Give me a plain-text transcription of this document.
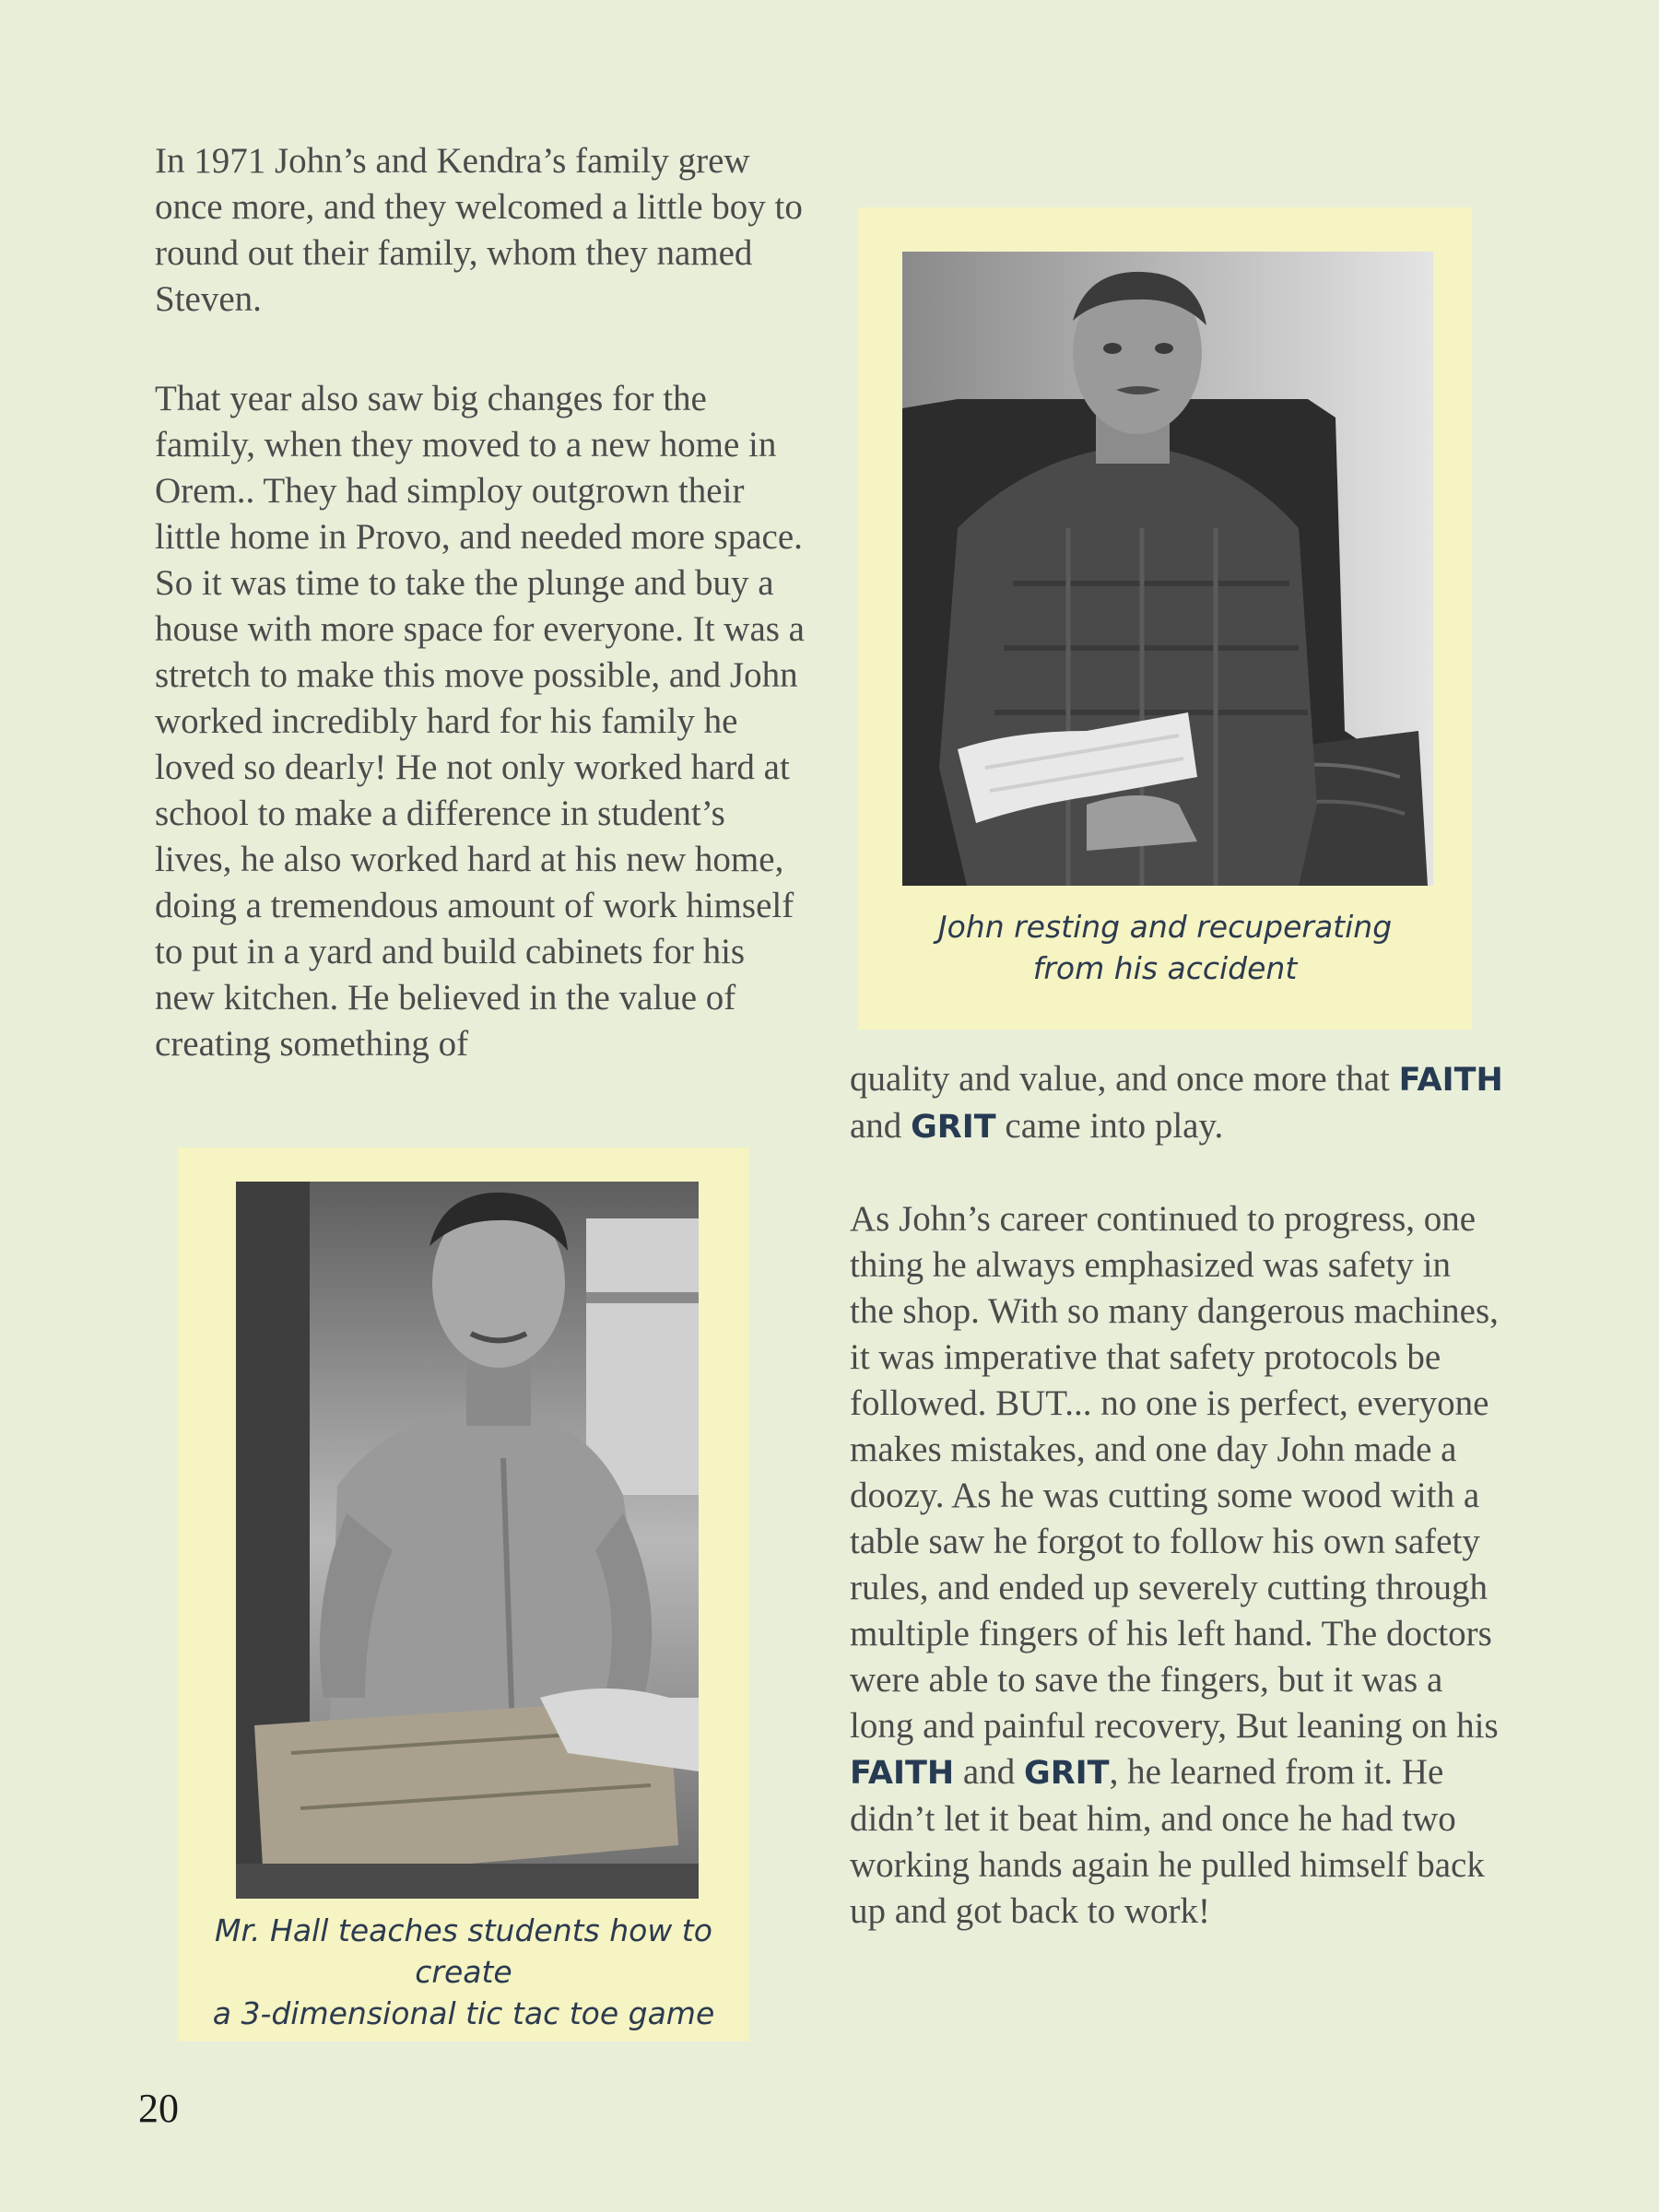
In 1971 John’s and Kendra’s family grew once more, and they welcomed a little boy to round out their family, whom they named Steven.

That year also saw big changes for the family, when they moved to a new home in Orem.. They had simploy outgrown their little home in Provo, and needed more space. So it was time to take the plunge and buy a house with more space for everyone. It was a stretch to make this move possible, and John worked incredibly hard for his family he loved so dearly! He not only worked hard at school to make a difference in student’s lives, he also worked hard at his new home, doing a tremendous amount of work himself to put in a yard and build cabinets for his new kitchen. He believed in the value of creating something of

John resting and recuperating
from his accident

quality and value, and once more that FAITH and GRIT came into play.

Mr. Hall teaches students how to create
a 3-dimensional tic tac toe game

As John’s career continued to progress, one thing he always emphasized was safety in the shop. With so many dangerous machines, it was imperative that safety protocols be followed. BUT... no one is perfect, everyone makes mistakes, and one day John made a doozy. As he was cutting some wood with a table saw he forgot to follow his own safety rules, and ended up severely cutting through multiple fingers of his left hand. The doctors were able to save the fingers, but it was a long and painful recovery, But leaning on his FAITH and GRIT, he learned from it. He didn’t let it beat him, and once he had two working hands again he pulled himself back up and got back to work!

20
